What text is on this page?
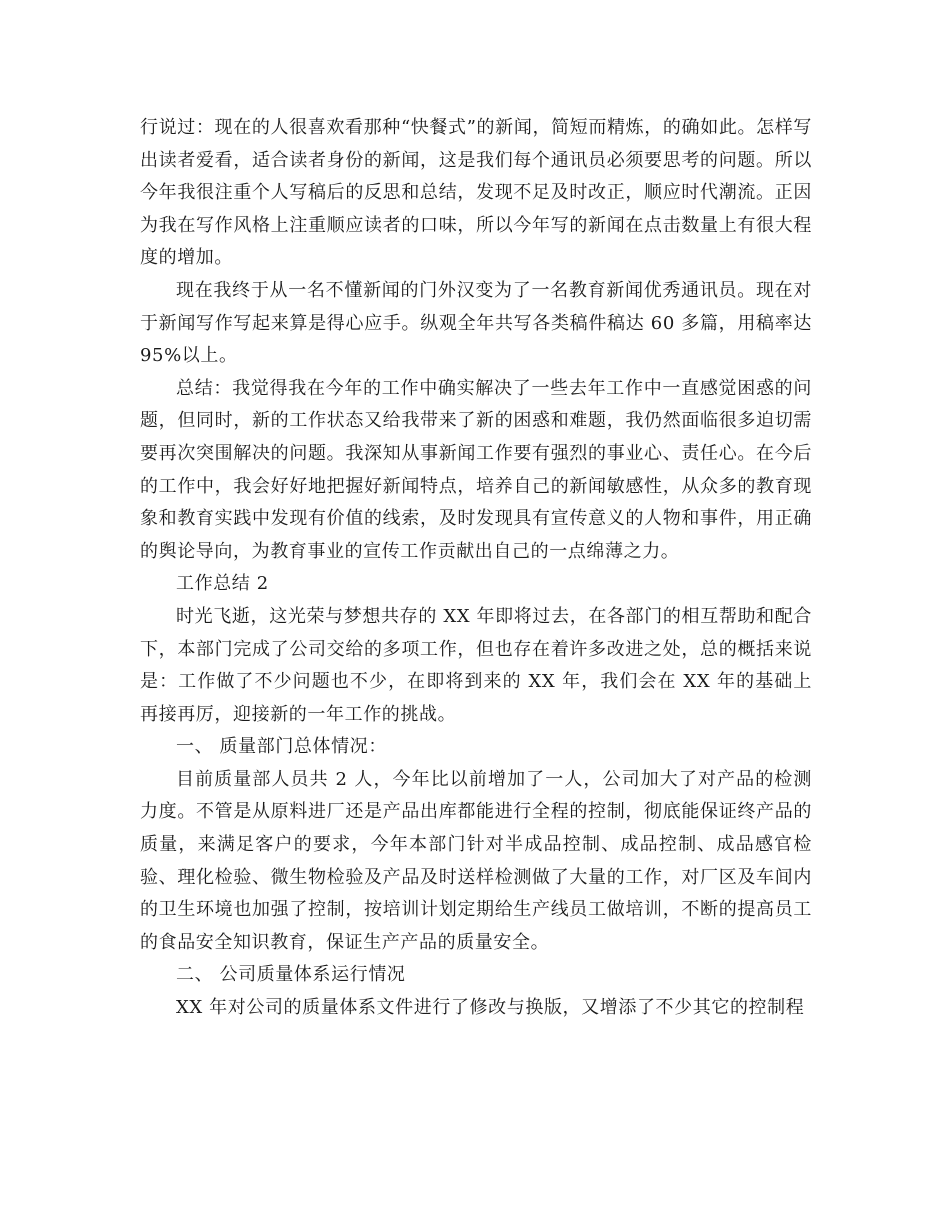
行说过：现在的人很喜欢看那种“快餐式”的新闻，简短而精炼，的确如此。怎样写出读者爱看，适合读者身份的新闻，这是我们每个通讯员必须要思考的问题。所以今年我很注重个人写稿后的反思和总结，发现不足及时改正，顺应时代潮流。正因为我在写作风格上注重顺应读者的口味，所以今年写的新闻在点击数量上有很大程度的增加。

现在我终于从一名不懂新闻的门外汉变为了一名教育新闻优秀通讯员。现在对于新闻写作写起来算是得心应手。纵观全年共写各类稿件稿达 60 多篇，用稿率达95%以上。

总结：我觉得我在今年的工作中确实解决了一些去年工作中一直感觉困惑的问题，但同时，新的工作状态又给我带来了新的困惑和难题，我仍然面临很多迫切需要再次突围解决的问题。我深知从事新闻工作要有强烈的事业心、责任心。在今后的工作中，我会好好地把握好新闻特点，培养自己的新闻敏感性，从众多的教育现象和教育实践中发现有价值的线索，及时发现具有宣传意义的人物和事件，用正确的舆论导向，为教育事业的宣传工作贡献出自己的一点绵薄之力。

工作总结 2

时光飞逝，这光荣与梦想共存的 XX 年即将过去，在各部门的相互帮助和配合下，本部门完成了公司交给的多项工作，但也存在着许多改进之处，总的概括来说是：工作做了不少问题也不少，在即将到来的 XX 年，我们会在 XX 年的基础上再接再厉，迎接新的一年工作的挑战。

一、 质量部门总体情况：

目前质量部人员共 2 人，今年比以前增加了一人，公司加大了对产品的检测力度。不管是从原料进厂还是产品出库都能进行全程的控制，彻底能保证终产品的质量，来满足客户的要求，今年本部门针对半成品控制、成品控制、成品感官检验、理化检验、微生物检验及产品及时送样检测做了大量的工作，对厂区及车间内的卫生环境也加强了控制，按培训计划定期给生产线员工做培训，不断的提高员工的食品安全知识教育，保证生产产品的质量安全。

二、 公司质量体系运行情况

XX 年对公司的质量体系文件进行了修改与换版，又增添了不少其它的控制程
